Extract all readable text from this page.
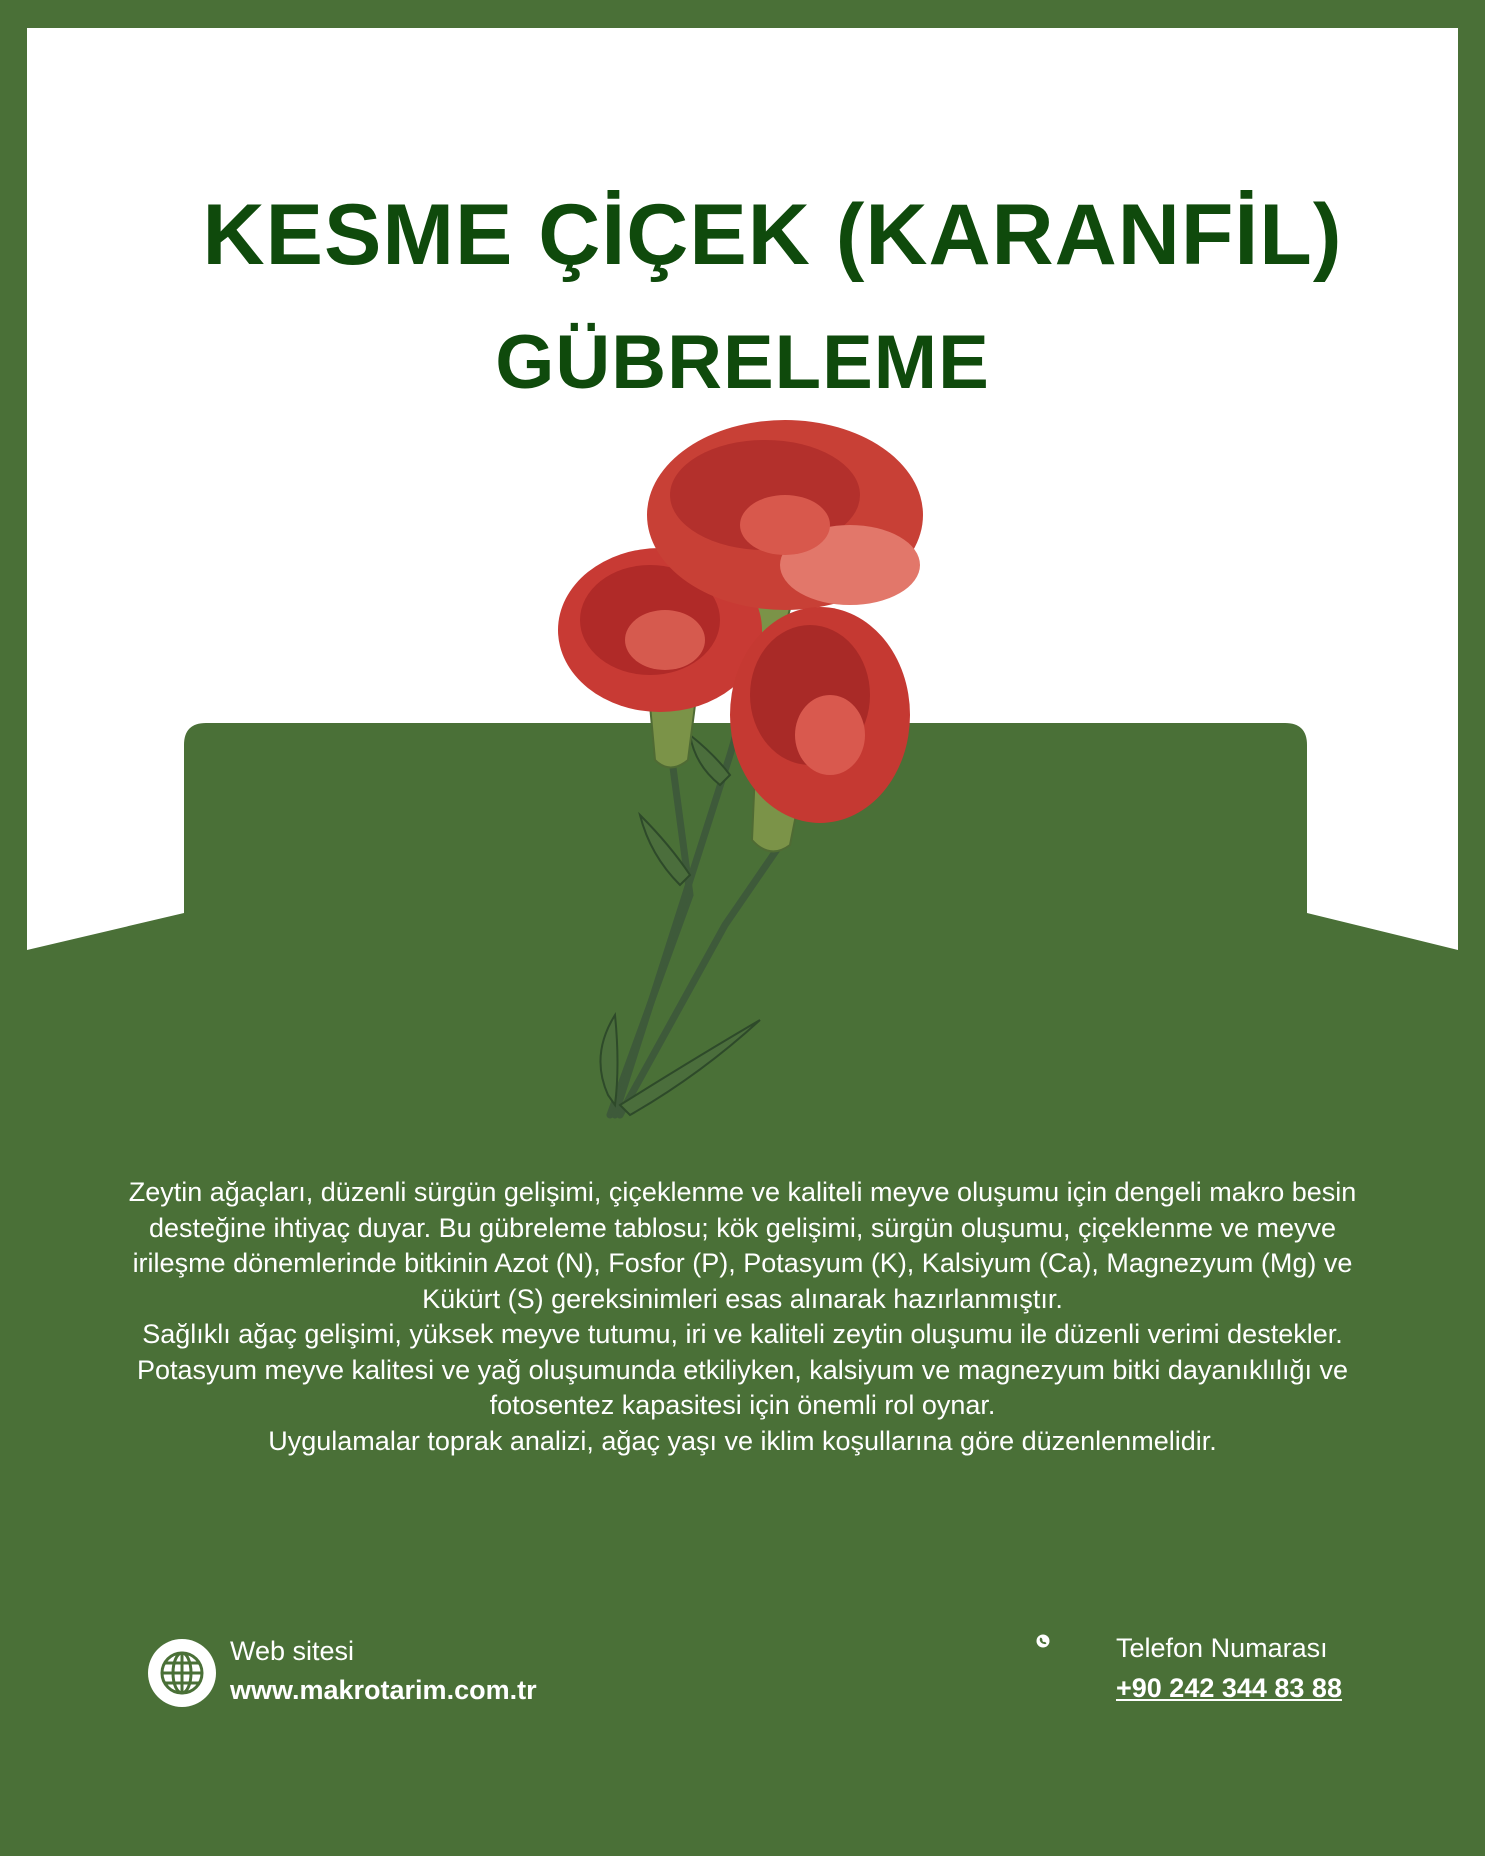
KESME ÇİÇEK (KARANFİL)
GÜBRELEME

Zeytin ağaçları, düzenli sürgün gelişimi, çiçeklenme ve kaliteli meyve oluşumu için dengeli makro besin desteğine ihtiyaç duyar. Bu gübreleme tablosu; kök gelişimi, sürgün oluşumu, çiçeklenme ve meyve irileşme dönemlerinde bitkinin Azot (N), Fosfor (P), Potasyum (K), Kalsiyum (Ca), Magnezyum (Mg) ve Kükürt (S) gereksinimleri esas alınarak hazırlanmıştır.

Sağlıklı ağaç gelişimi, yüksek meyve tutumu, iri ve kaliteli zeytin oluşumu ile düzenli verimi destekler. Potasyum meyve kalitesi ve yağ oluşumunda etkiliyken, kalsiyum ve magnezyum bitki dayanıklılığı ve fotosentez kapasitesi için önemli rol oynar.

Uygulamalar toprak analizi, ağaç yaşı ve iklim koşullarına göre düzenlenmelidir.

Web sitesi
www.makrotarim.com.tr
Telefon Numarası
+90 242 344 83 88
